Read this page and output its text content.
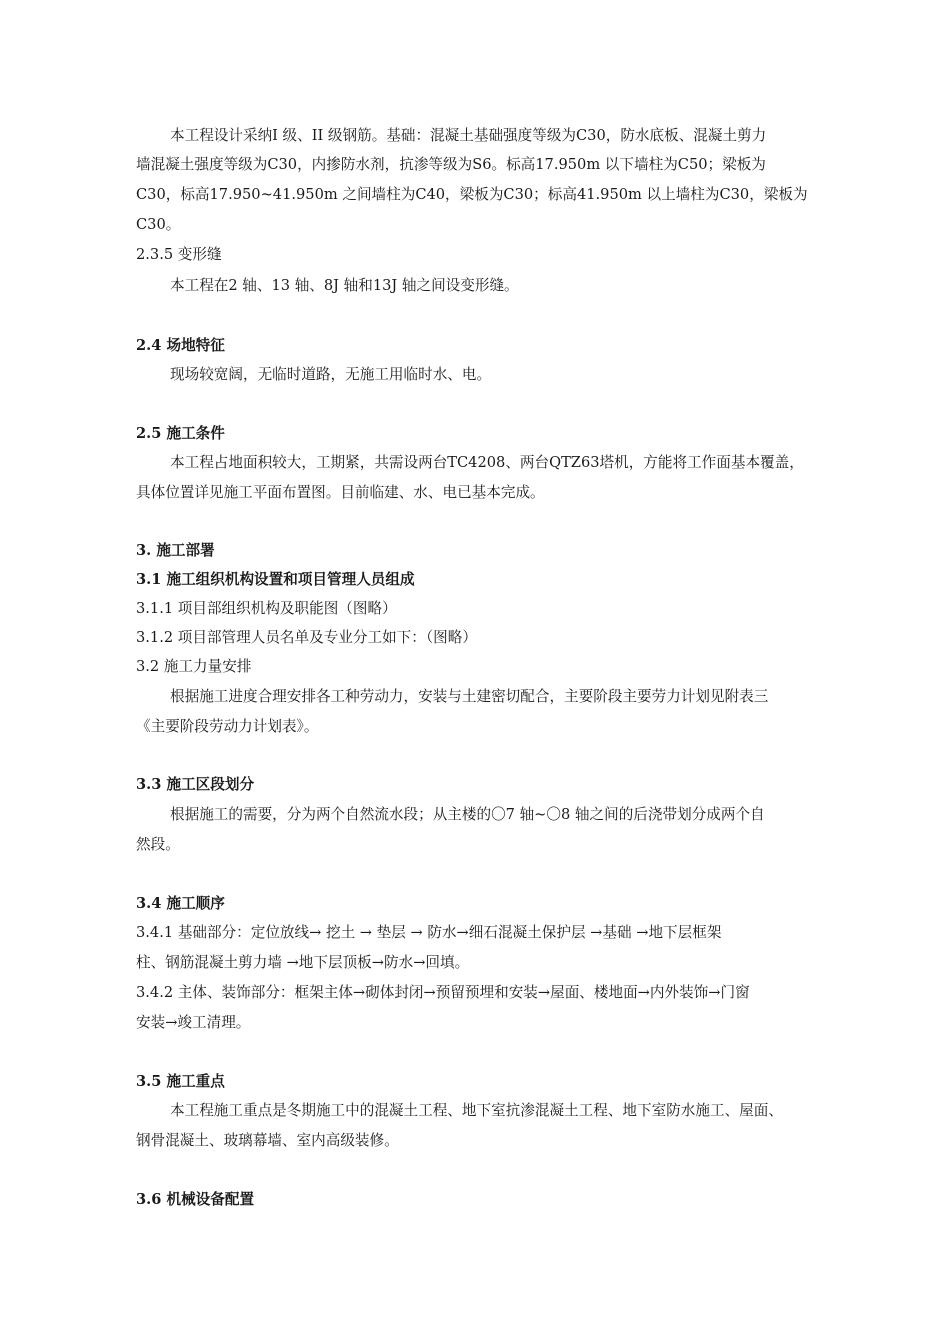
本工程设计采纳I 级、II 级钢筋。基础：混凝土基础强度等级为C30，防水底板、混凝土剪力
墙混凝土强度等级为C30，内掺防水剂，抗渗等级为S6。标高17.950m 以下墙柱为C50；梁板为
C30，标高17.950~41.950m 之间墙柱为C40，梁板为C30；标高41.950m 以上墙柱为C30，梁板为
C30。
2.3.5 变形缝
本工程在2 轴、13 轴、8J 轴和13J 轴之间设变形缝。
2.4 场地特征
现场较宽阔，无临时道路，无施工用临时水、电。
2.5 施工条件
本工程占地面积较大，工期紧，共需设两台TC4208、两台QTZ63塔机，方能将工作面基本覆盖，
具体位置详见施工平面布置图。目前临建、水、电已基本完成。
3. 施工部署
3.1 施工组织机构设置和项目管理人员组成
3.1.1 项目部组织机构及职能图（图略）
3.1.2 项目部管理人员名单及专业分工如下：（图略）
3.2 施工力量安排
根据施工进度合理安排各工种劳动力，安装与土建密切配合，主要阶段主要劳力计划见附表三
《主要阶段劳动力计划表》。
3.3 施工区段划分
根据施工的需要，分为两个自然流水段；从主楼的〇7 轴~〇8 轴之间的后浇带划分成两个自
然段。
3.4 施工顺序
3.4.1 基础部分：定位放线→ 挖土 → 垫层 → 防水→细石混凝土保护层 →基础 →地下层框架
柱、钢筋混凝土剪力墙 →地下层顶板→防水→回填。
3.4.2 主体、装饰部分：框架主体→砌体封闭→预留预埋和安装→屋面、楼地面→内外装饰→门窗
安装→竣工清理。
3.5 施工重点
本工程施工重点是冬期施工中的混凝土工程、地下室抗渗混凝土工程、地下室防水施工、屋面、
钢骨混凝土、玻璃幕墙、室内高级装修。
3.6 机械设备配置
